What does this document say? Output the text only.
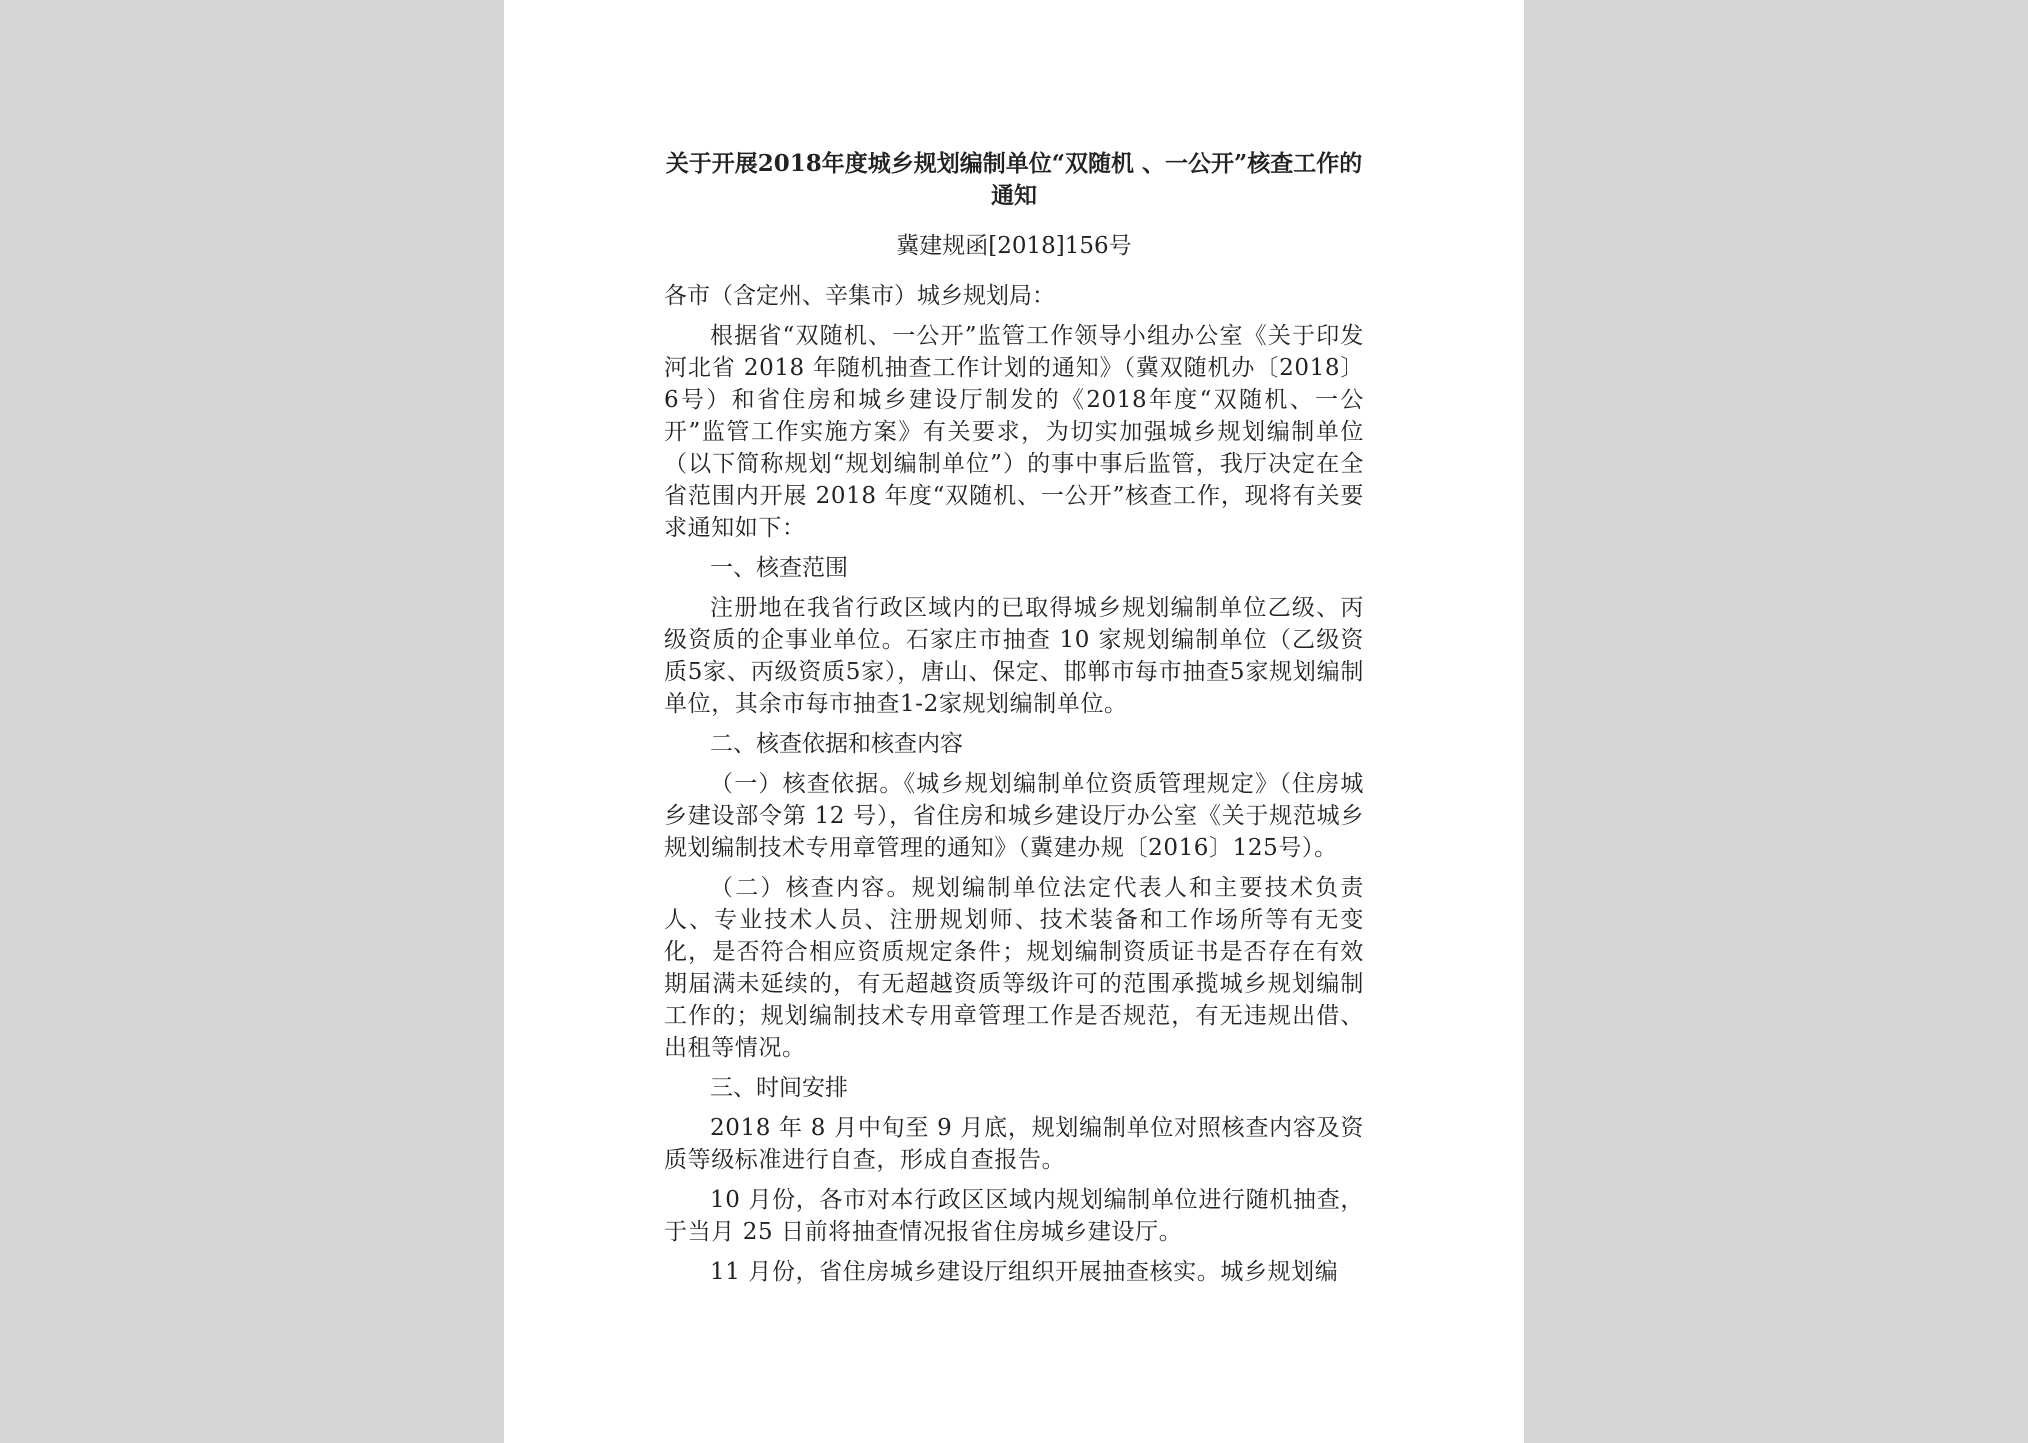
关于开展2018年度城乡规划编制单位“双随机 、一公开”核查工作的通知

冀建规函[2018]156号

各市（含定州、辛集市）城乡规划局：

根据省“双随机、一公开”监管工作领导小组办公室《关于印发河北省 2018 年随机抽查工作计划的通知》（冀双随机办〔2018〕6号）和省住房和城乡建设厅制发的《2018年度“双随机、一公开”监管工作实施方案》有关要求，为切实加强城乡规划编制单位（以下简称规划“规划编制单位”）的事中事后监管，我厅决定在全省范围内开展 2018 年度“双随机、一公开”核查工作，现将有关要求通知如下：

一、核查范围

注册地在我省行政区域内的已取得城乡规划编制单位乙级、丙级资质的企事业单位。石家庄市抽查 10 家规划编制单位（乙级资质5家、丙级资质5家），唐山、保定、邯郸市每市抽查5家规划编制单位，其余市每市抽查1-2家规划编制单位。

二、核查依据和核查内容

（一）核查依据。《城乡规划编制单位资质管理规定》（住房城乡建设部令第 12 号），省住房和城乡建设厅办公室《关于规范城乡规划编制技术专用章管理的通知》（冀建办规〔2016〕125号）。

（二）核查内容。规划编制单位法定代表人和主要技术负责人、专业技术人员、注册规划师、技术装备和工作场所等有无变化，是否符合相应资质规定条件；规划编制资质证书是否存在有效期届满未延续的，有无超越资质等级许可的范围承揽城乡规划编制工作的；规划编制技术专用章管理工作是否规范，有无违规出借、出租等情况。

三、时间安排

2018 年 8 月中旬至 9 月底，规划编制单位对照核查内容及资质等级标准进行自查，形成自查报告。

10 月份，各市对本行政区区域内规划编制单位进行随机抽查，于当月 25 日前将抽查情况报省住房城乡建设厅。

11 月份，省住房城乡建设厅组织开展抽查核实。城乡规划编
